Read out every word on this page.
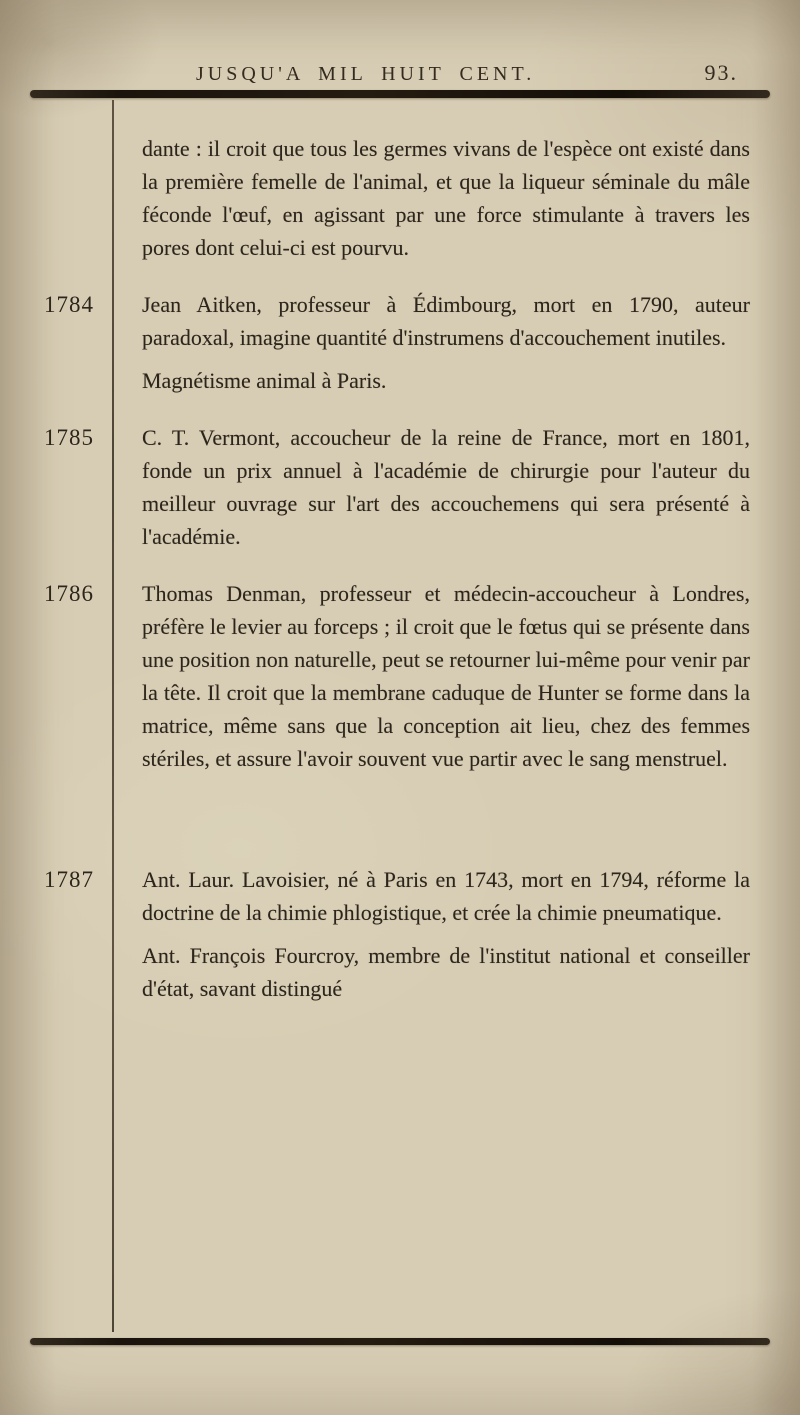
JUSQU'A MIL HUIT CENT.	93.

dante : il croit que tous les germes vivans de l'espèce ont existé dans la première femelle de l'animal, et que la liqueur séminale du mâle féconde l'œuf, en agissant par une force stimulante à travers les pores dont celui-ci est pourvu.

1784	Jean Aitken, professeur à Édimbourg, mort en 1790, auteur paradoxal, imagine quantité d'instrumens d'accouchement inutiles.

Magnétisme animal à Paris.

1785	C. T. Vermont, accoucheur de la reine de France, mort en 1801, fonde un prix annuel à l'académie de chirurgie pour l'auteur du meilleur ouvrage sur l'art des accouchemens qui sera présenté à l'académie.

1786	Thomas Denman, professeur et médecin-accoucheur à Londres, préfère le levier au forceps ; il croit que le fœtus qui se présente dans une position non naturelle, peut se retourner lui-même pour venir par la tête. Il croit que la membrane caduque de Hunter se forme dans la matrice, même sans que la conception ait lieu, chez des femmes stériles, et assure l'avoir souvent vue partir avec le sang menstruel.

1787	Ant. Laur. Lavoisier, né à Paris en 1743, mort en 1794, réforme la doctrine de la chimie phlogistique, et crée la chimie pneumatique.

Ant. François Fourcroy, membre de l'institut national et conseiller d'état, savant distingué
